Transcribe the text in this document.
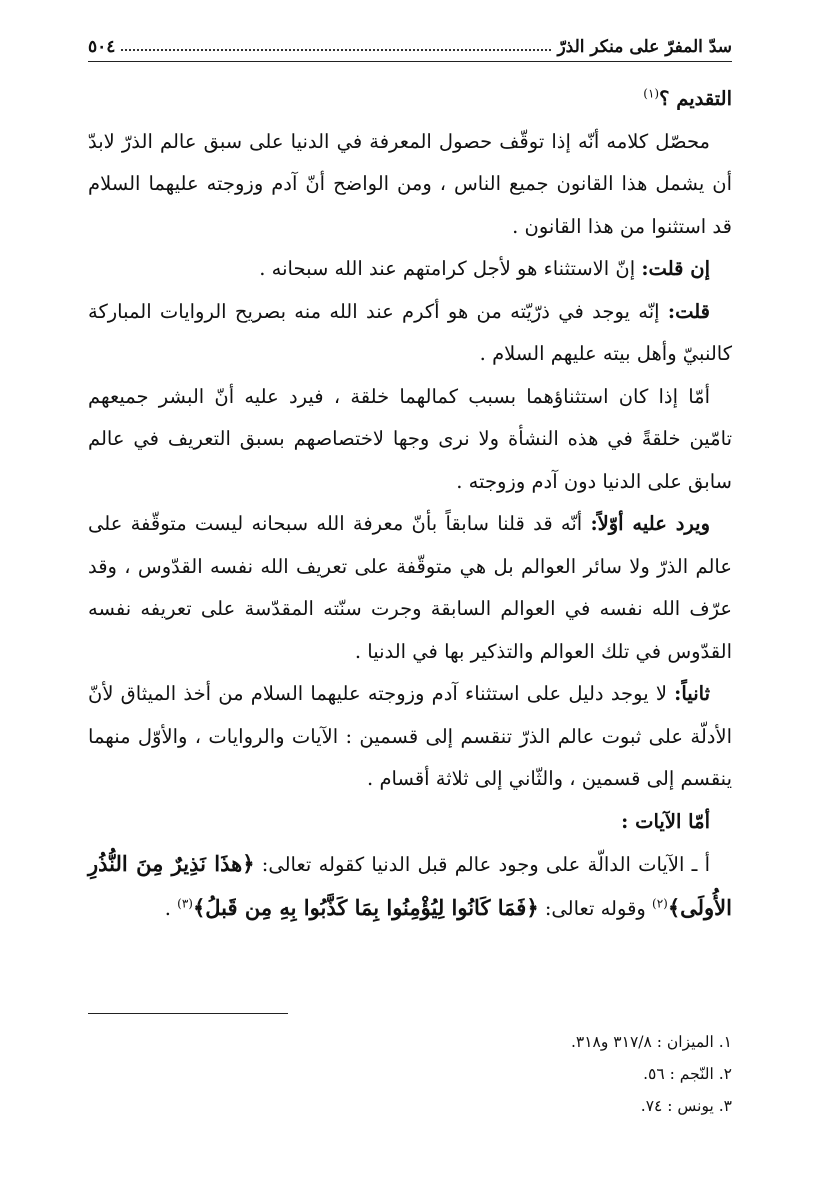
سدّ المفرّ على منكر الذرّ
٥٠٤

التقديم ؟$^{(١)}$

محصّل كلامه أنّه إذا توقّف حصول المعرفة في الدنيا على سبق عالم الذرّ لابدّ أن يشمل هذا القانون جميع الناس ، ومن الواضح أنّ آدم وزوجته عليهما السلام قد استثنوا من هذا القانون .

إن قلت: إنّ الاستثناء هو لأجل كرامتهم عند الله سبحانه .

قلت: إنّه يوجد في ذرّيّته من هو أكرم عند الله منه بصريح الروايات المباركة كالنبيّ وأهل بيته عليهم السلام .

أمّا إذا كان استثناؤهما بسبب كمالهما خلقة ، فيرد عليه أنّ البشر جميعهم تامّين خلقةً في هذه النشأة ولا نرى وجها لاختصاصهم بسبق التعريف في عالم سابق على الدنيا دون آدم وزوجته .

ويرد عليه أوّلاً: أنّه قد قلنا سابقاً بأنّ معرفة الله سبحانه ليست متوقّفة على عالم الذرّ ولا سائر العوالم بل هي متوقّفة على تعريف الله نفسه القدّوس ، وقد عرّف الله نفسه في العوالم السابقة وجرت سنّته المقدّسة على تعريفه نفسه القدّوس في تلك العوالم والتذكير بها في الدنيا .

ثانياً: لا يوجد دليل على استثناء آدم وزوجته عليهما السلام من أخذ الميثاق لأنّ الأدلّة على ثبوت عالم الذرّ تنقسم إلى قسمين : الآيات والروايات ، والأوّل منهما ينقسم إلى قسمين ، والثّاني إلى ثلاثة أقسام .

أمّا الآيات :

أ ـ الآيات الدالّة على وجود عالم قبل الدنيا كقوله تعالى: ﴿هذَا نَذِيرٌ مِنَ النُّذُرِ الأُولَى﴾$^{(٢)}$ وقوله تعالى: ﴿فَمَا كَانُوا لِيُؤْمِنُوا بِمَا كَذَّبُوا بِهِ مِن قَبلُ﴾$^{(٣)}$ .

١. الميزان : ٣١٧/٨ و٣١٨.
٢. النّجم : ٥٦.
٣. يونس : ٧٤.
